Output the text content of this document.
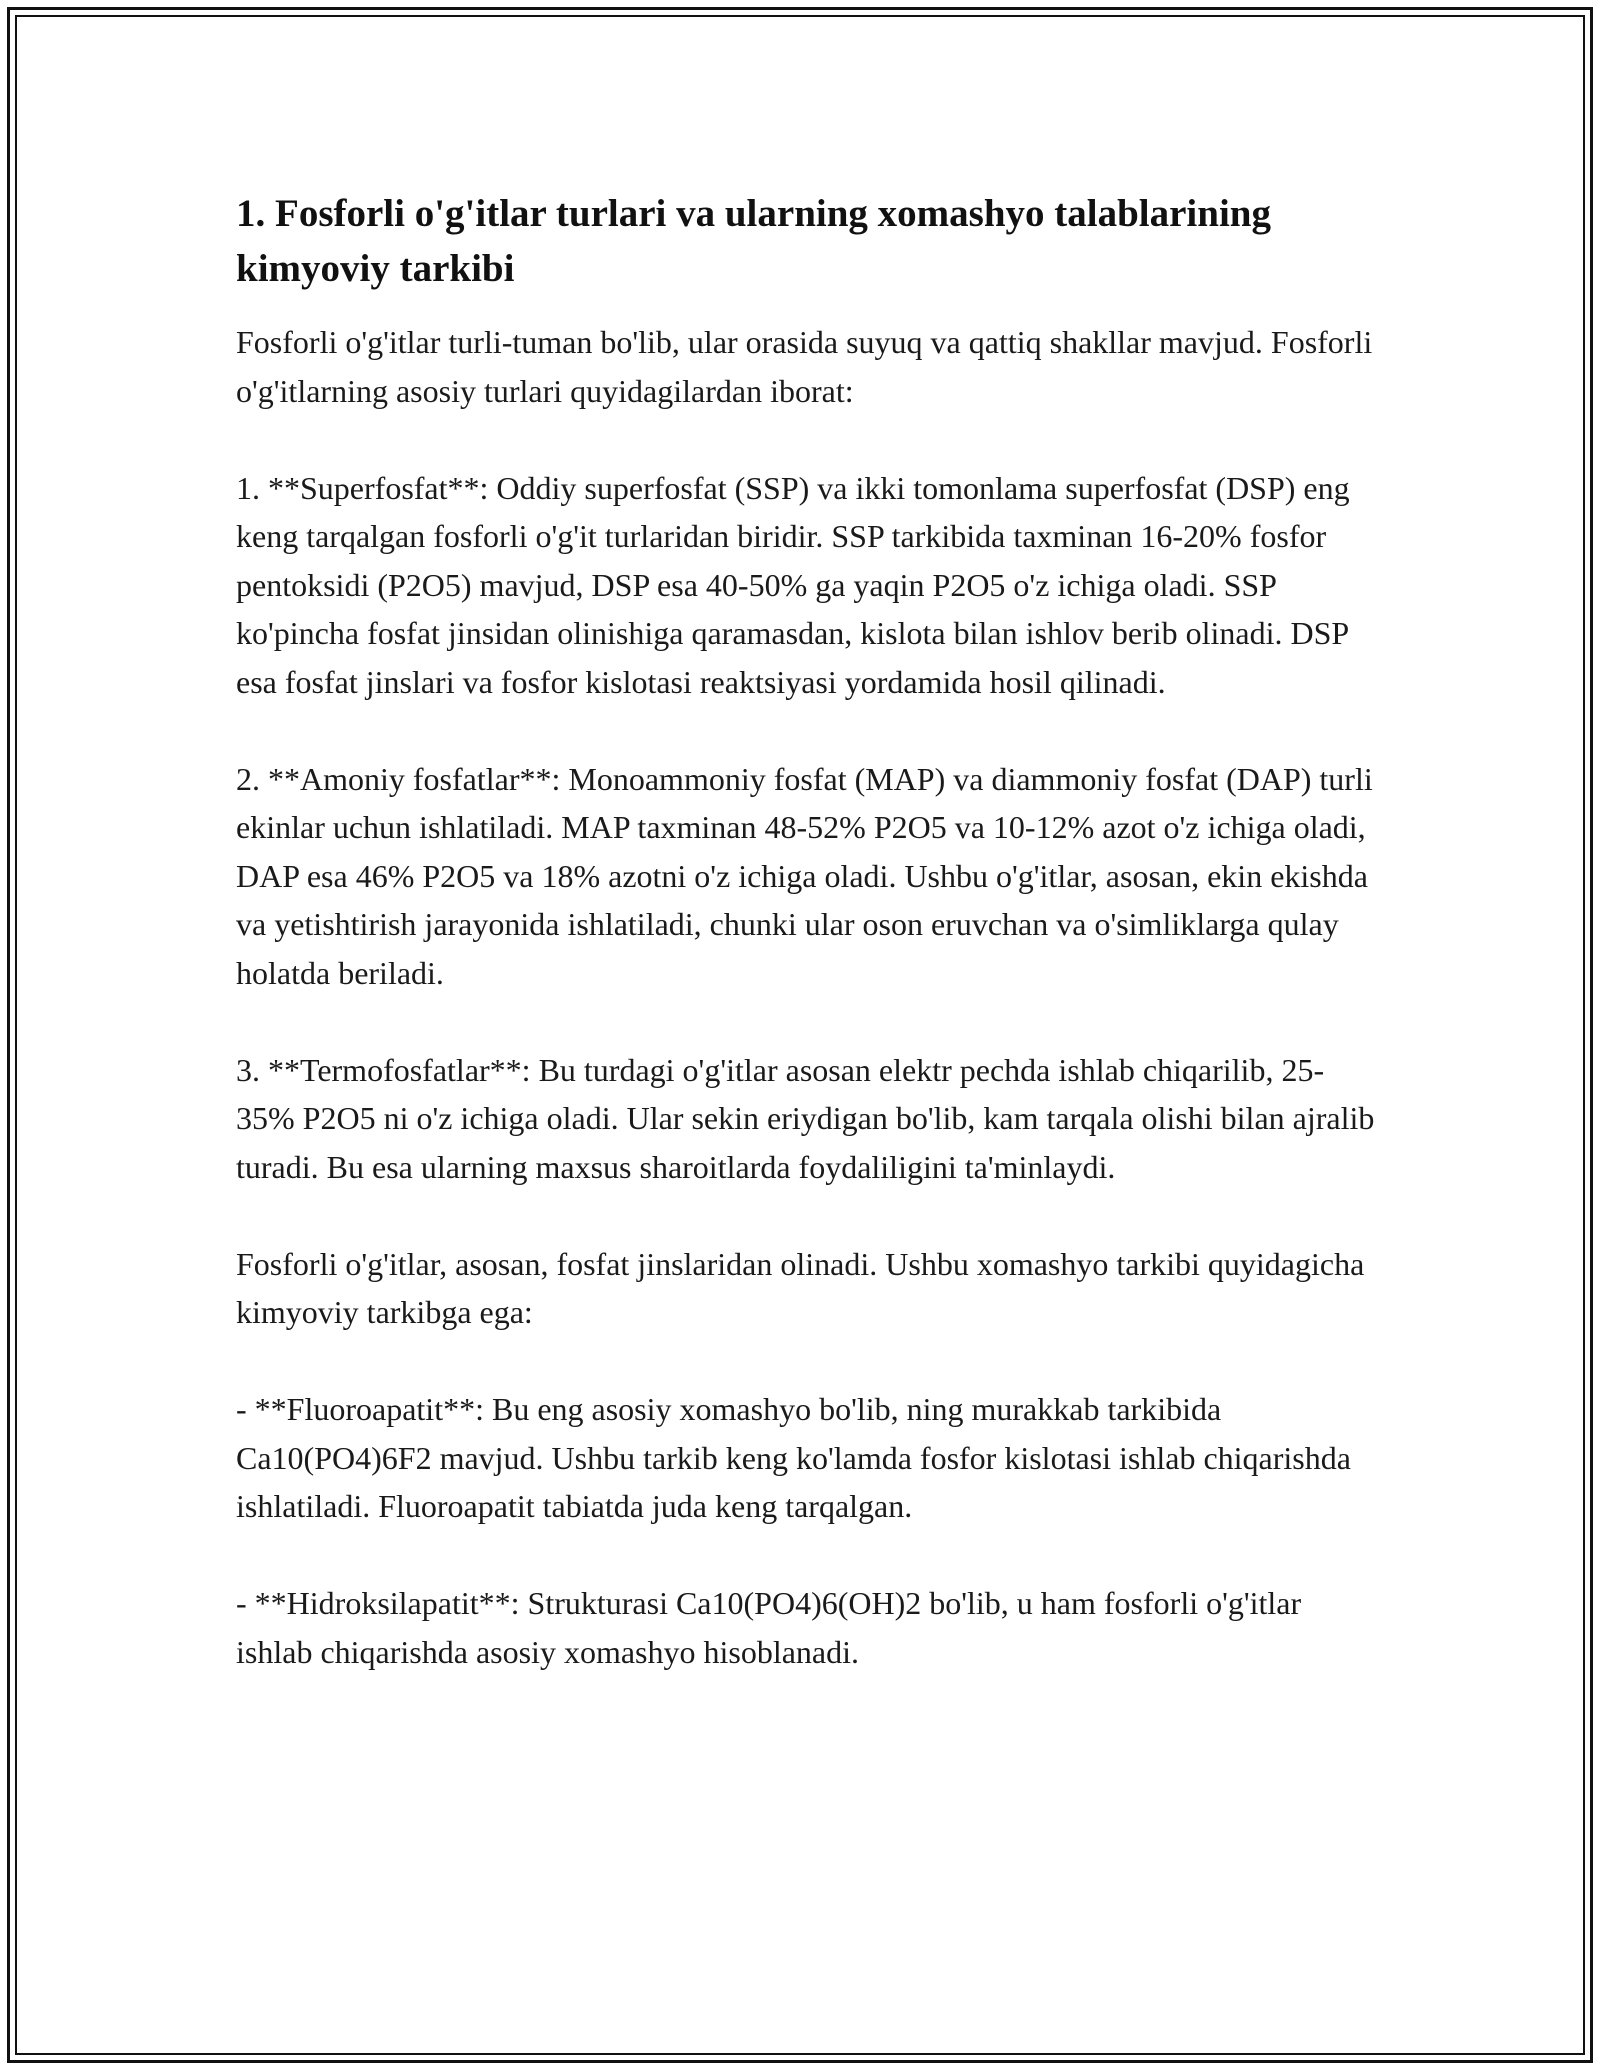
1. Fosforli o'g'itlar turlari va ularning xomashyo talablarining kimyoviy tarkibi

Fosforli o'g'itlar turli-tuman bo'lib, ular orasida suyuq va qattiq shakllar mavjud. Fosforli o'g'itlarning asosiy turlari quyidagilardan iborat:

1. **Superfosfat**: Oddiy superfosfat (SSP) va ikki tomonlama superfosfat (DSP) eng keng tarqalgan fosforli o'g'it turlaridan biridir. SSP tarkibida taxminan 16-20% fosfor pentoksidi (P2O5) mavjud, DSP esa 40-50% ga yaqin P2O5 o'z ichiga oladi. SSP ko'pincha fosfat jinsidan olinishiga qaramasdan, kislota bilan ishlov berib olinadi. DSP esa fosfat jinslari va fosfor kislotasi reaktsiyasi yordamida hosil qilinadi.

2. **Amoniy fosfatlar**: Monoammoniy fosfat (MAP) va diammoniy fosfat (DAP) turli ekinlar uchun ishlatiladi. MAP taxminan 48-52% P2O5 va 10-12% azot o'z ichiga oladi, DAP esa 46% P2O5 va 18% azotni o'z ichiga oladi. Ushbu o'g'itlar, asosan, ekin ekishda va yetishtirish jarayonida ishlatiladi, chunki ular oson eruvchan va o'simliklarga qulay holatda beriladi.

3. **Termofosfatlar**: Bu turdagi o'g'itlar asosan elektr pechda ishlab chiqarilib, 25-35% P2O5 ni o'z ichiga oladi. Ular sekin eriydigan bo'lib, kam tarqala olishi bilan ajralib turadi. Bu esa ularning maxsus sharoitlarda foydaliligini ta'minlaydi.

Fosforli o'g'itlar, asosan, fosfat jinslaridan olinadi. Ushbu xomashyo tarkibi quyidagicha kimyoviy tarkibga ega:

- **Fluoroapatit**: Bu eng asosiy xomashyo bo'lib, ning murakkab tarkibida Ca10(PO4)6F2 mavjud. Ushbu tarkib keng ko'lamda fosfor kislotasi ishlab chiqarishda ishlatiladi. Fluoroapatit tabiatda juda keng tarqalgan.

- **Hidroksilapatit**: Strukturasi Ca10(PO4)6(OH)2 bo'lib, u ham fosforli o'g'itlar ishlab chiqarishda asosiy xomashyo hisoblanadi.
